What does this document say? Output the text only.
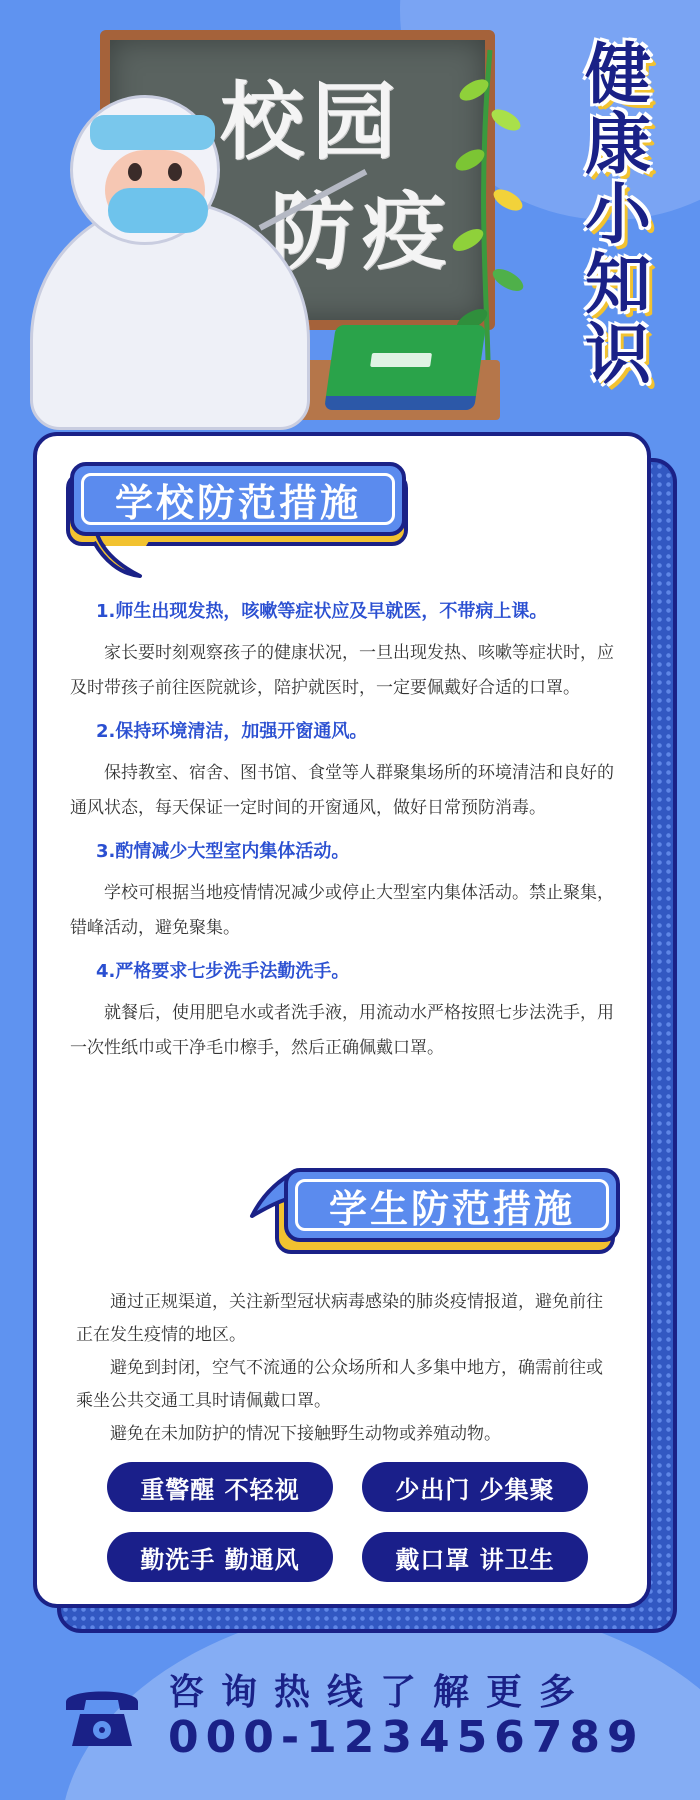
校园
防疫
健
康
小
知
识
学校防范措施
1.师生出现发热，咳嗽等症状应及早就医，不带病上课。
家长要时刻观察孩子的健康状况，一旦出现发热、咳嗽等症状时，应及时带孩子前往医院就诊，陪护就医时，一定要佩戴好合适的口罩。
2.保持环境清洁，加强开窗通风。
保持教室、宿舍、图书馆、食堂等人群聚集场所的环境清洁和良好的通风状态，每天保证一定时间的开窗通风，做好日常预防消毒。
3.酌情减少大型室内集体活动。
学校可根据当地疫情情况减少或停止大型室内集体活动。禁止聚集，错峰活动，避免聚集。
4.严格要求七步洗手法勤洗手。
就餐后，使用肥皂水或者洗手液，用流动水严格按照七步法洗手，用一次性纸巾或干净毛巾檫手，然后正确佩戴口罩。
学生防范措施

通过正规渠道，关注新型冠状病毒感染的肺炎疫情报道，避免前往正在发生疫情的地区。

避免到封闭，空气不流通的公众场所和人多集中地方，确需前往或乘坐公共交通工具时请佩戴口罩。

避免在未加防护的情况下接触野生动物或养殖动物。

重警醒 不轻视	少出门 少集聚
勤洗手 勤通风	戴口罩 讲卫生
咨询热线了解更多
000-123456789
